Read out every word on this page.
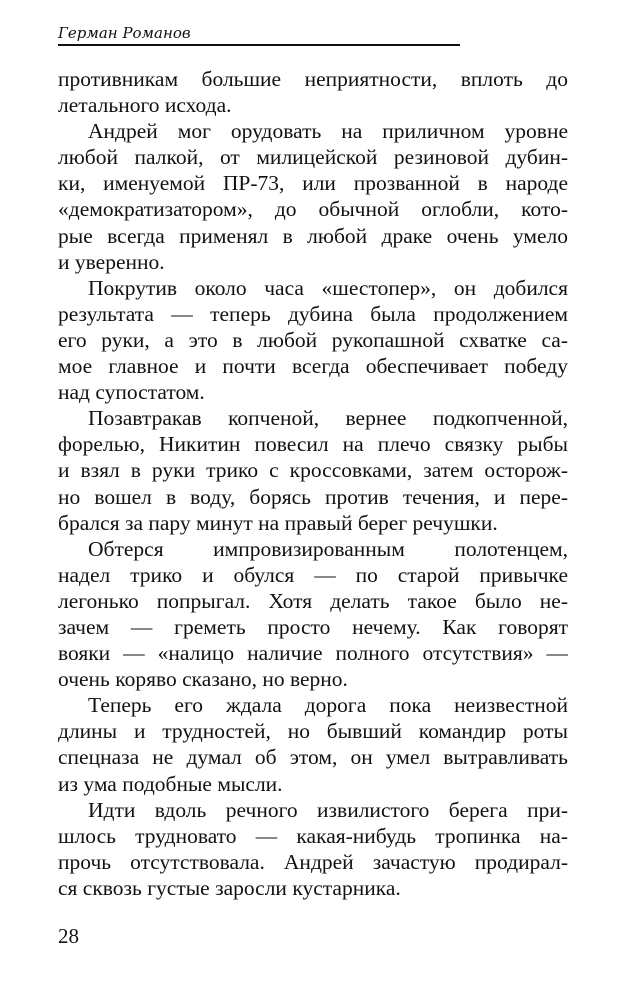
Герман Романов
противникам большие неприятности, вплоть до
летального исхода.
Андрей мог орудовать на приличном уровне
любой палкой, от милицейской резиновой дубин-
ки, именуемой ПР-73, или прозванной в народе
«демократизатором», до обычной оглобли, кото-
рые всегда применял в любой драке очень умело
и уверенно.
Покрутив около часа «шестопер», он добился
результата — теперь дубина была продолжением
его руки, а это в любой рукопашной схватке са-
мое главное и почти всегда обеспечивает победу
над супостатом.
Позавтракав копченой, вернее подкопченной,
форелью, Никитин повесил на плечо связку рыбы
и взял в руки трико с кроссовками, затем осторож-
но вошел в воду, борясь против течения, и пере-
брался за пару минут на правый берег речушки.
Обтерся импровизированным полотенцем,
надел трико и обулся — по старой привычке
легонько попрыгал. Хотя делать такое было не-
зачем — греметь просто нечему. Как говорят
вояки — «налицо наличие полного отсутствия» —
очень коряво сказано, но верно.
Теперь его ждала дорога пока неизвестной
длины и трудностей, но бывший командир роты
спецназа не думал об этом, он умел вытравливать
из ума подобные мысли.
Идти вдоль речного извилистого берега при-
шлось трудновато — какая-нибудь тропинка на-
прочь отсутствовала. Андрей зачастую продирал-
ся сквозь густые заросли кустарника.
28
